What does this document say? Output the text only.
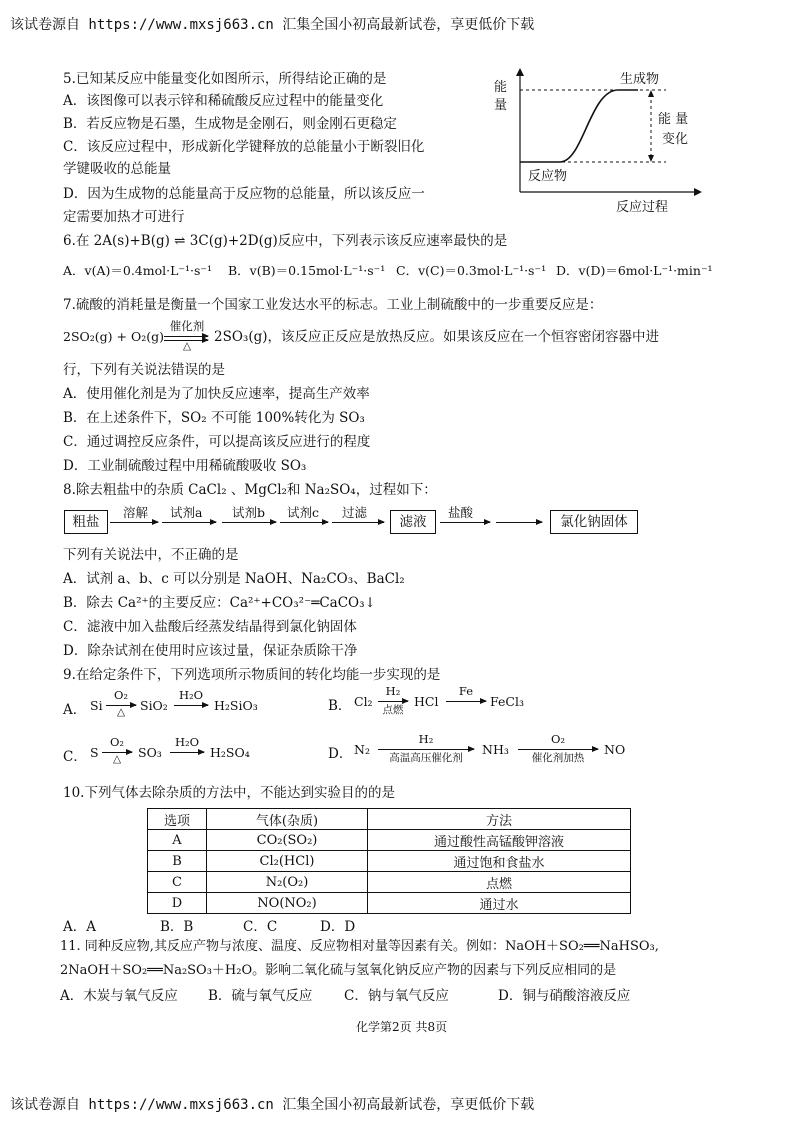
该试卷源自 https://www.mxsj663.cn 汇集全国小初高最新试卷，享更低价下载
5.已知某反应中能量变化如图所示，所得结论正确的是
A．该图像可以表示锌和稀硫酸反应过程中的能量变化
B．若反应物是石墨，生成物是金刚石，则金刚石更稳定
C．该反应过程中，形成新化学键释放的总能量小于断裂旧化
学键吸收的总能量
D．因为生成物的总能量高于反应物的总能量，所以该反应一
定需要加热才可进行
能
量
生成物
反应物
能 量
变化
反应过程
6.在 2A(s)+B(g) ⇌ 3C(g)+2D(g)反应中，下列表示该反应速率最快的是
A．v(A)＝0.4mol·L⁻¹·s⁻¹ B．v(B)＝0.15mol·L⁻¹·s⁻¹ C．v(C)＝0.3mol·L⁻¹·s⁻¹ D．v(D)＝6mol·L⁻¹·min⁻¹
7.硫酸的消耗量是衡量一个国家工业发达水平的标志。工业上制硫酸中的一步重要反应是：
2SO₂(g) + O₂(g)
催化剂
△
2SO₃(g)，该反应正反应是放热反应。如果该反应在一个恒容密闭容器中进
行，下列有关说法错误的是
A．使用催化剂是为了加快反应速率，提高生产效率
B．在上述条件下，SO₂ 不可能 100%转化为 SO₃
C．通过调控反应条件，可以提高该反应进行的程度
D．工业制硫酸过程中用稀硫酸吸收 SO₃
8.除去粗盐中的杂质 CaCl₂ 、MgCl₂和 Na₂SO₄，过程如下：
粗盐
溶解 试剂a 试剂b 试剂c 过滤
滤液
盐酸
氯化钠固体
下列有关说法中，不正确的是
A．试剂 a、b、c 可以分别是 NaOH、Na₂CO₃、BaCl₂
B．除去 Ca²⁺的主要反应：Ca²⁺+CO₃²⁻═CaCO₃↓
C．滤液中加入盐酸后经蒸发结晶得到氯化钠固体
D．除杂试剂在使用时应该过量，保证杂质除干净
9.在给定条件下，下列选项所示物质间的转化均能一步实现的是
A． Si
O₂
△	SiO₂
H₂O
H₂SiO₃	B． Cl₂
H₂
点燃
HCl
Fe
FeCl₃
C． S
O₂
△	SO₃
H₂O
H₂SO₄	D． N₂
H₂
高温高压催化剂
NH₃
O₂
催化剂加热
NO
10.下列气体去除杂质的方法中，不能达到实验目的的是
选项	气体(杂质)	方法
A	CO₂(SO₂)	通过酸性高锰酸钾溶液
B	Cl₂(HCl)	通过饱和食盐水
C	N₂(O₂)	点燃
D	NO(NO₂)	通过水
A．A	B．B	C．C	D．D
11. 同种反应物,其反应产物与浓度、温度、反应物相对量等因素有关。例如：NaOH＋SO₂══NaHSO₃,
2NaOH＋SO₂══Na₂SO₃＋H₂O。影响二氧化硫与氢氧化钠反应产物的因素与下列反应相同的是
A．木炭与氧气反应 B．硫与氧气反应 C．钠与氧气反应	D．铜与硝酸溶液反应
化学第2页 共8页
该试卷源自 https://www.mxsj663.cn 汇集全国小初高最新试卷，享更低价下载
